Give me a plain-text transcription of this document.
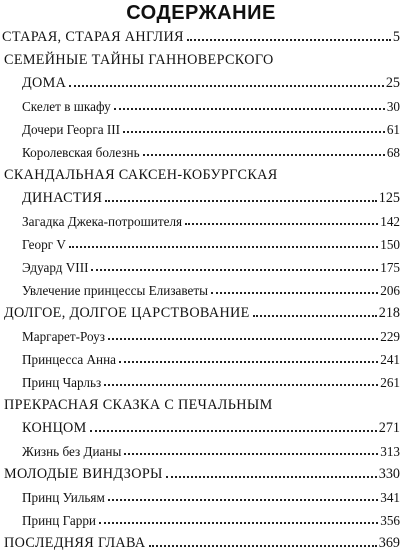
СОДЕРЖАНИЕ
СТАРАЯ, СТАРАЯ АНГЛИЯ	5
СЕМЕЙНЫЕ ТАЙНЫ ГАННОВЕРСКОГО
ДОМА	25
Скелет в шкафу	30
Дочери Георга III	61
Королевская болезнь	68
СКАНДАЛЬНАЯ САКСЕН-КОБУРГСКАЯ
ДИНАСТИЯ	125
Загадка Джека-потрошителя	142
Георг V	150
Эдуард VIII	175
Увлечение принцессы Елизаветы	206
ДОЛГОЕ, ДОЛГОЕ ЦАРСТВОВАНИЕ	218
Маргарет-Роуз	229
Принцесса Анна	241
Принц Чарльз	261
ПРЕКРАСНАЯ СКАЗКА С ПЕЧАЛЬНЫМ
КОНЦОМ	271
Жизнь без Дианы	313
МОЛОДЫЕ ВИНДЗОРЫ	330
Принц Уильям	341
Принц Гарри	356
ПОСЛЕДНЯЯ ГЛАВА	369
